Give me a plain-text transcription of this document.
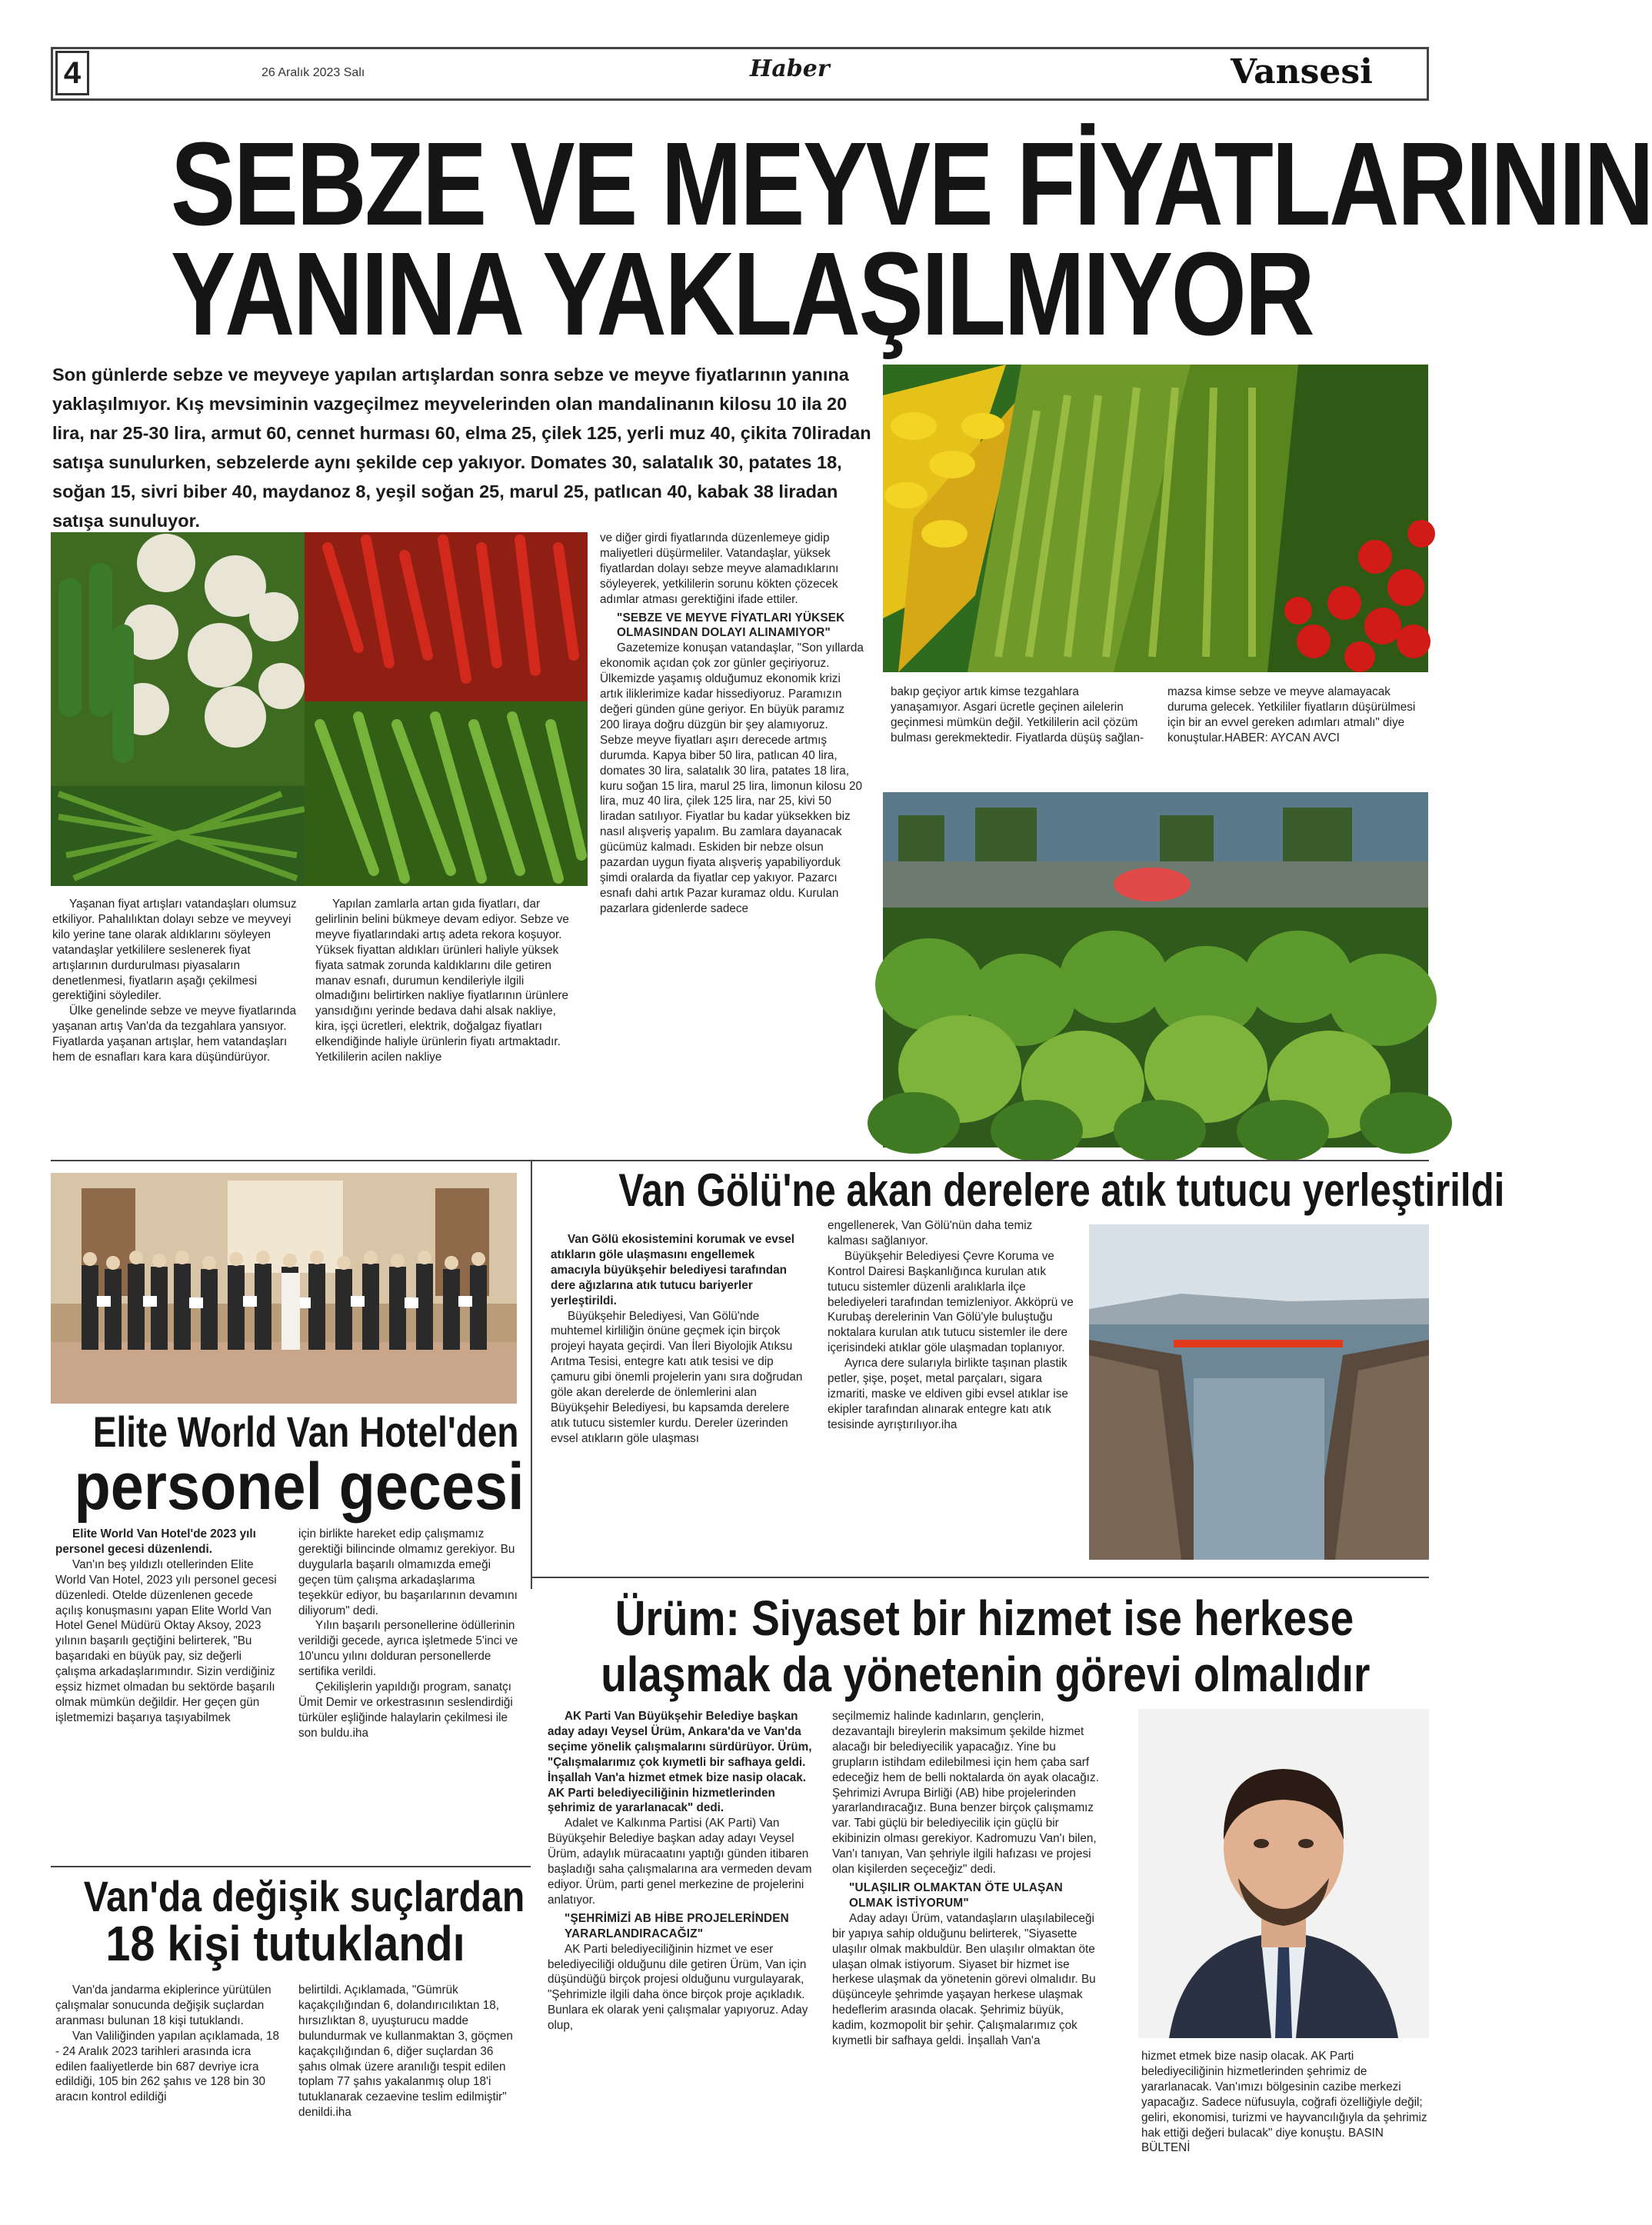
4	26 Aralık 2023 Salı	Haber	Vansesi
SEBZE VE MEYVE FİYATLARININ
YANINA YAKLAŞILMIYOR
Son günlerde sebze ve meyveye yapılan artışlardan sonra sebze ve meyve fiyatlarının yanına yaklaşılmıyor. Kış mevsiminin vazgeçilmez meyvelerinden olan mandalinanın kilosu 10 ila 20 lira, nar 25-30 lira, armut 60, cennet hurması 60, elma 25, çilek 125, yerli muz 40, çikita 70liradan satışa sunulurken, sebzelerde aynı şekilde cep yakıyor. Domates 30, salatalık 30, patates 18, soğan 15, sivri biber 40, maydanoz 8, yeşil soğan 25, marul 25, patlıcan 40, kabak 38 liradan satışa sunuluyor.

Yaşanan fiyat artışları vatandaşları olumsuz etkiliyor. Pahalılıktan dolayı sebze ve meyveyi kilo yerine tane olarak aldıklarını söyleyen vatandaşlar yetkililere seslenerek fiyat artışlarının durdurulması piyasaların denetlenmesi, fiyatların aşağı çekilmesi gerektiğini söylediler.

Ülke genelinde sebze ve meyve fiyatlarında yaşanan artış Van'da da tezgahlara yansıyor. Fiyatlarda yaşanan artışlar, hem vatandaşları hem de esnafları kara kara düşündürüyor.

Yapılan zamlarla artan gıda fiyatları, dar gelirlinin belini bükmeye devam ediyor. Sebze ve meyve fiyatlarındaki artış adeta rekora koşuyor. Yüksek fiyattan aldıkları ürünleri haliyle yüksek fiyata satmak zorunda kaldıklarını dile getiren manav esnafı, durumun kendileriyle ilgili olmadığını belirtirken nakliye fiyatlarının ürünlere yansıdığını yerinde bedava dahi alsak nakliye, kira, işçi ücretleri, elektrik, doğalgaz fiyatları elkendiğinde haliyle ürünlerin fiyatı artmaktadır. Yetkililerin acilen nakliye

ve diğer girdi fiyatlarında düzenlemeye gidip maliyetleri düşürmeliler. Vatandaşlar, yüksek fiyatlardan dolayı sebze meyve alamadıklarını söyleyerek, yetkililerin sorunu kökten çözecek adımlar atması gerektiğini ifade ettiler.

"SEBZE VE MEYVE FİYATLARI YÜKSEK OLMASINDAN DOLAYI ALINAMIYOR"

Gazetemize konuşan vatandaşlar, "Son yıllarda ekonomik açıdan çok zor günler geçiriyoruz. Ülkemizde yaşamış olduğumuz ekonomik krizi artık iliklerimize kadar hissediyoruz. Paramızın değeri günden güne geriyor. En büyük paramız 200 liraya doğru düzgün bir şey alamıyoruz. Sebze meyve fiyatları aşırı derecede artmış durumda. Kapya biber 50 lira, patlıcan 40 lira, domates 30 lira, salatalık 30 lira, patates 18 lira, kuru soğan 15 lira, marul 25 lira, limonun kilosu 20 lira, muz 40 lira, çilek 125 lira, nar 25, kivi 50 liradan satılıyor. Fiyatlar bu kadar yüksekken biz nasıl alışveriş yapalım. Bu zamlara dayanacak gücümüz kalmadı. Eskiden bir nebze olsun pazardan uygun fiyata alışveriş yapabiliyorduk şimdi oralarda da fiyatlar cep yakıyor. Pazarcı esnafı dahi artık Pazar kuramaz oldu. Kurulan pazarlara gidenlerde sadece

bakıp geçiyor artık kimse tezgahlara yanaşamıyor. Asgari ücretle geçinen ailelerin geçinmesi mümkün değil. Yetkililerin acil çözüm bulması gerekmektedir. Fiyatlarda düşüş sağlan-

mazsa kimse sebze ve meyve alamayacak duruma gelecek. Yetkililer fiyatların düşürülmesi için bir an evvel gereken adımları atmalı" diye konuştular.HABER: AYCAN AVCI

Elite World Van Hotel'den
personel gecesi

Elite World Van Hotel'de 2023 yılı personel gecesi düzenlendi.

Van'ın beş yıldızlı otellerinden Elite World Van Hotel, 2023 yılı personel gecesi düzenledi. Otelde düzenlenen gecede açılış konuşmasını yapan Elite World Van Hotel Genel Müdürü Oktay Aksoy, 2023 yılının başarılı geçtiğini belirterek, "Bu başarıdaki en büyük pay, siz değerli çalışma arkadaşlarımındır. Sizin verdiğiniz eşsiz hizmet olmadan bu sektörde başarılı olmak mümkün değildir. Her geçen gün işletmemizi başarıya taşıyabilmek

için birlikte hareket edip çalışmamız gerektiği bilincinde olmamız gerekiyor. Bu duygularla başarılı olmamızda emeği geçen tüm çalışma arkadaşlarıma teşekkür ediyor, bu başarılarının devamını diliyorum" dedi.

Yılın başarılı personellerine ödüllerinin verildiği gecede, ayrıca işletmede 5'inci ve 10'uncu yılını dolduran personellerde sertifika verildi.

Çekilişlerin yapıldığı program, sanatçı Ümit Demir ve orkestrasının seslendirdiği türküler eşliğinde halaylarin çekilmesi ile son buldu.iha

Van Gölü'ne akan derelere atık tutucu yerleştirildi

Van Gölü ekosistemini korumak ve evsel atıkların göle ulaşmasını engellemek amacıyla büyükşehir belediyesi tarafından dere ağızlarına atık tutucu bariyerler yerleştirildi.

Büyükşehir Belediyesi, Van Gölü'nde muhtemel kirliliğin önüne geçmek için birçok projeyi hayata geçirdi. Van İleri Biyolojik Atıksu Arıtma Tesisi, entegre katı atık tesisi ve dip çamuru gibi önemli projelerin yanı sıra doğrudan göle akan derelerde de önlemlerini alan Büyükşehir Belediyesi, bu kapsamda derelere atık tutucu sistemler kurdu. Dereler üzerinden evsel atıkların göle ulaşması

engellenerek, Van Gölü'nün daha temiz kalması sağlanıyor.

Büyükşehir Belediyesi Çevre Koruma ve Kontrol Dairesi Başkanlığınca kurulan atık tutucu sistemler düzenli aralıklarla ilçe belediyeleri tarafından temizleniyor. Akköprü ve Kurubaş derelerinin Van Gölü'yle buluştuğu noktalara kurulan atık tutucu sistemler ile dere içerisindeki atıklar göle ulaşmadan toplanıyor.

Ayrıca dere sularıyla birlikte taşınan plastik petler, şişe, poşet, metal parçaları, sigara izmariti, maske ve eldiven gibi evsel atıklar ise ekipler tarafından alınarak entegre katı atık tesisinde ayrıştırılıyor.iha

Ürüm: Siyaset bir hizmet ise herkese
ulaşmak da yönetenin görevi olmalıdır

AK Parti Van Büyükşehir Belediye başkan aday adayı Veysel Ürüm, Ankara'da ve Van'da seçime yönelik çalışmalarını sürdürüyor. Ürüm, "Çalışmalarımız çok kıymetli bir safhaya geldi. İnşallah Van'a hizmet etmek bize nasip olacak. AK Parti belediyeciliğinin hizmetlerinden şehrimiz de yararlanacak" dedi.

Adalet ve Kalkınma Partisi (AK Parti) Van Büyükşehir Belediye başkan aday adayı Veysel Ürüm, adaylık müracaatını yaptığı günden itibaren başladığı saha çalışmalarına ara vermeden devam ediyor. Ürüm, parti genel merkezine de projelerini anlatıyor.

"ŞEHRİMİZİ AB HİBE PROJELERİNDEN YARARLANDIRACAĞIZ"

AK Parti belediyeciliğinin hizmet ve eser belediyeciliği olduğunu dile getiren Ürüm, Van için düşündüğü birçok projesi olduğunu vurgulayarak, "Şehrimizle ilgili daha önce birçok proje açıkladık. Bunlara ek olarak yeni çalışmalar yapıyoruz. Aday olup,

seçilmemiz halinde kadınların, gençlerin, dezavantajlı bireylerin maksimum şekilde hizmet alacağı bir belediyecilik yapacağız. Yine bu grupların istihdam edilebilmesi için hem çaba sarf edeceğiz hem de belli noktalarda ön ayak olacağız. Şehrimizi Avrupa Birliği (AB) hibe projelerinden yararlandıracağız. Buna benzer birçok çalışmamız var. Tabi güçlü bir belediyecilik için güçlü bir ekibinizin olması gerekiyor. Kadromuzu Van'ı bilen, Van'ı tanıyan, Van şehriyle ilgili hafızası ve projesi olan kişilerden seçeceğiz" dedi.

"ULAŞILIR OLMAKTAN ÖTE ULAŞAN OLMAK İSTİYORUM"

Aday adayı Ürüm, vatandaşların ulaşılabileceği bir yapıya sahip olduğunu belirterek, "Siyasette ulaşılır olmak makbuldür. Ben ulaşılır olmaktan öte ulaşan olmak istiyorum. Siyaset bir hizmet ise herkese ulaşmak da yönetenin görevi olmalıdır. Bu düşünceyle şehrimde yaşayan herkese ulaşmak hedeflerim arasında olacak. Şehrimiz büyük, kadim, kozmopolit bir şehir. Çalışmalarımız çok kıymetli bir safhaya geldi. İnşallah Van'a

hizmet etmek bize nasip olacak. AK Parti belediyeciliğinin hizmetlerinden şehrimiz de yararlanacak. Van'ımızı bölgesinin cazibe merkezi yapacağız. Sadece nüfusuyla, coğrafi özelliğiyle değil; geliri, ekonomisi, turizmi ve hayvancılığıyla da şehrimiz hak ettiği değeri bulacak" diye konuştu. BASIN BÜLTENİ

Van'da değişik suçlardan
18 kişi tutuklandı

Van'da jandarma ekiplerince yürütülen çalışmalar sonucunda değişik suçlardan aranması bulunan 18 kişi tutuklandı.

Van Valiliğinden yapılan açıklamada, 18 - 24 Aralık 2023 tarihleri arasında icra edilen faaliyetlerde bin 687 devriye icra edildiği, 105 bin 262 şahıs ve 128 bin 30 aracın kontrol edildiği

belirtildi. Açıklamada, "Gümrük kaçakçılığından 6, dolandırıcılıktan 18, hırsızlıktan 8, uyuşturucu madde bulundurmak ve kullanmaktan 3, göçmen kaçakçılığından 6, diğer suçlardan 36 şahıs olmak üzere aranılığı tespit edilen toplam 77 şahıs yakalanmış olup 18'i tutuklanarak cezaevine teslim edilmiştir" denildi.iha
